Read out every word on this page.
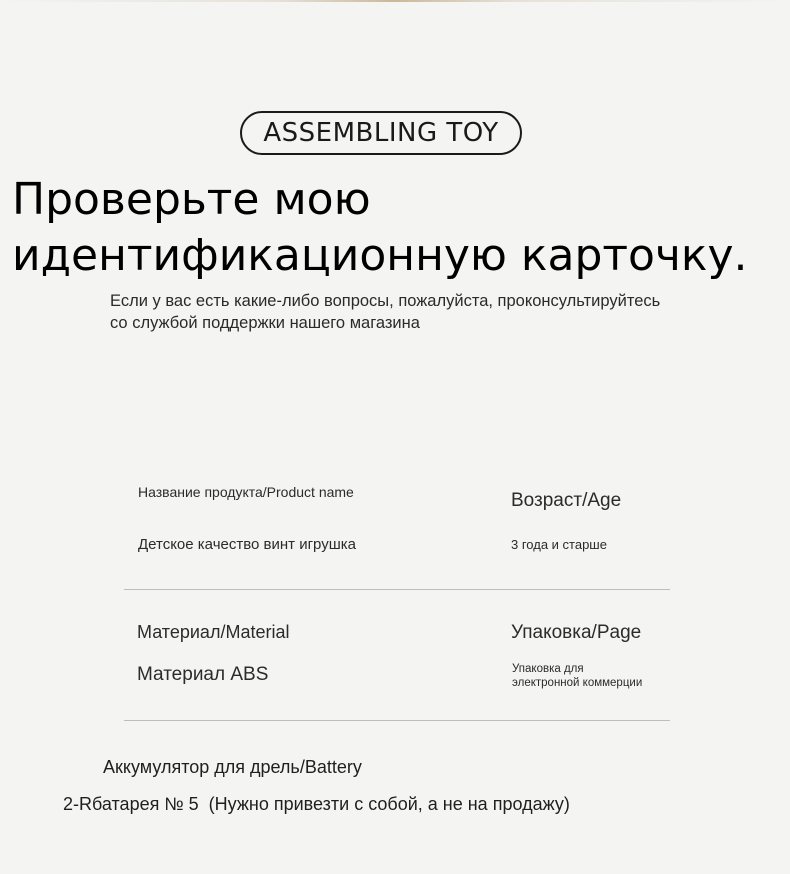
ASSEMBLING TOY
Проверьте мою идентификационную карточку.
Если у вас есть какие-либо вопросы, пожалуйста, проконсультируйтесь со службой поддержки нашего магазина
Название продукта/Product name	Возраст/Age
Детское качество винт игрушка	3 года и старше
Материал/Material	Упаковка/Page
Материал ABS	Упаковка для
электронной коммерции
Аккумулятор для дрель/Battery
2-Rбатарея № 5  (Нужно привезти с собой, а не на продажу)
